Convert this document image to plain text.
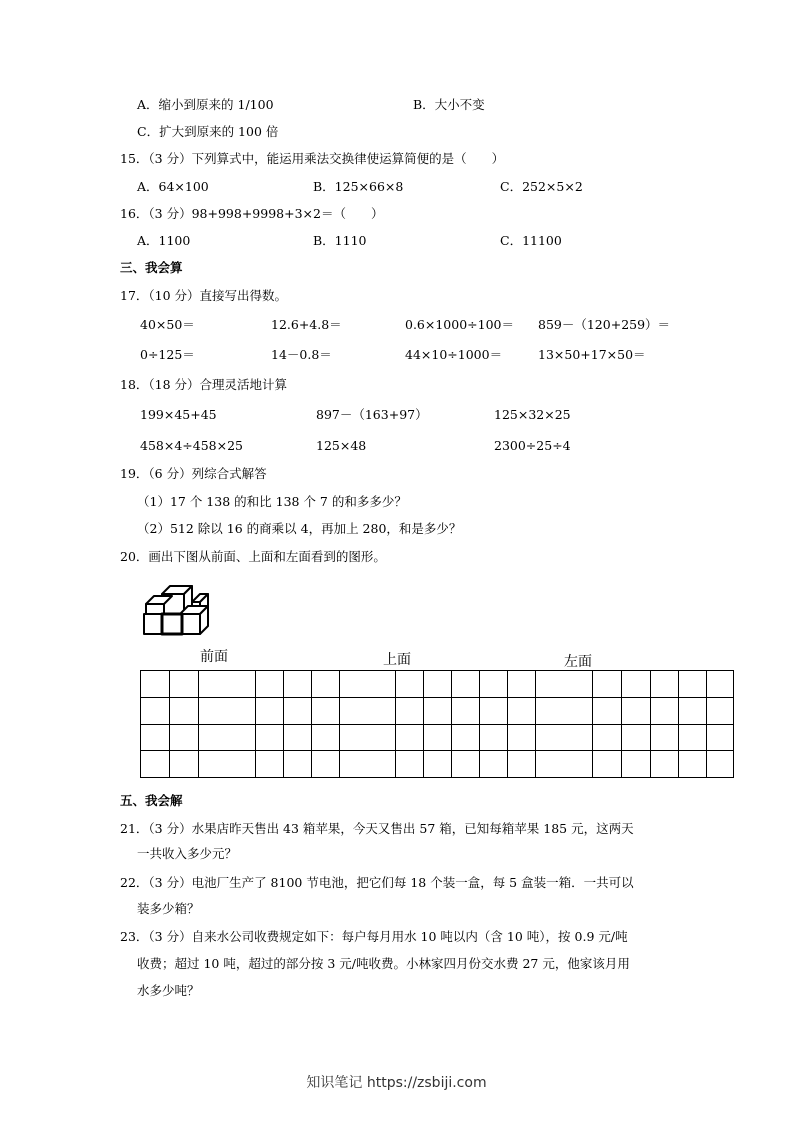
A．缩小到原来的 1/100	B．大小不变
C．扩大到原来的 100 倍
15．（3 分）下列算式中，能运用乘法交换律使运算简便的是（　　）
A．64×100	B．125×66×8	C．252×5×2
16．（3 分）98+998+9998+3×2＝（　　）
A．1100	B．1110	C．11100
三、我会算
17．（10 分）直接写出得数。
40×50＝	12.6+4.8＝	0.6×1000÷100＝ 859－（120+259）＝
0÷125＝	14－0.8＝	44×10÷1000＝	13×50+17×50＝
18．（18 分）合理灵活地计算
199×45+45	897－（163+97）	125×32×25
458×4÷458×25	125×48	2300÷25÷4
19．（6 分）列综合式解答
（1）17 个 138 的和比 138 个 7 的和多多少？
（2）512 除以 16 的商乘以 4，再加上 280，和是多少？
20．画出下图从前面、上面和左面看到的图形。
前面	上面	左面

五、我会解
21．（3 分）水果店昨天售出 43 箱苹果，今天又售出 57 箱，已知每箱苹果 185 元，这两天
一共收入多少元？
22．（3 分）电池厂生产了 8100 节电池，把它们每 18 个装一盒，每 5 盒装一箱．一共可以
装多少箱？
23．（3 分）自来水公司收费规定如下：每户每月用水 10 吨以内（含 10 吨），按 0.9 元/吨
收费；超过 10 吨，超过的部分按 3 元/吨收费。小林家四月份交水费 27 元，他家该月用
水多少吨？
知识笔记 https://zsbiji.com
